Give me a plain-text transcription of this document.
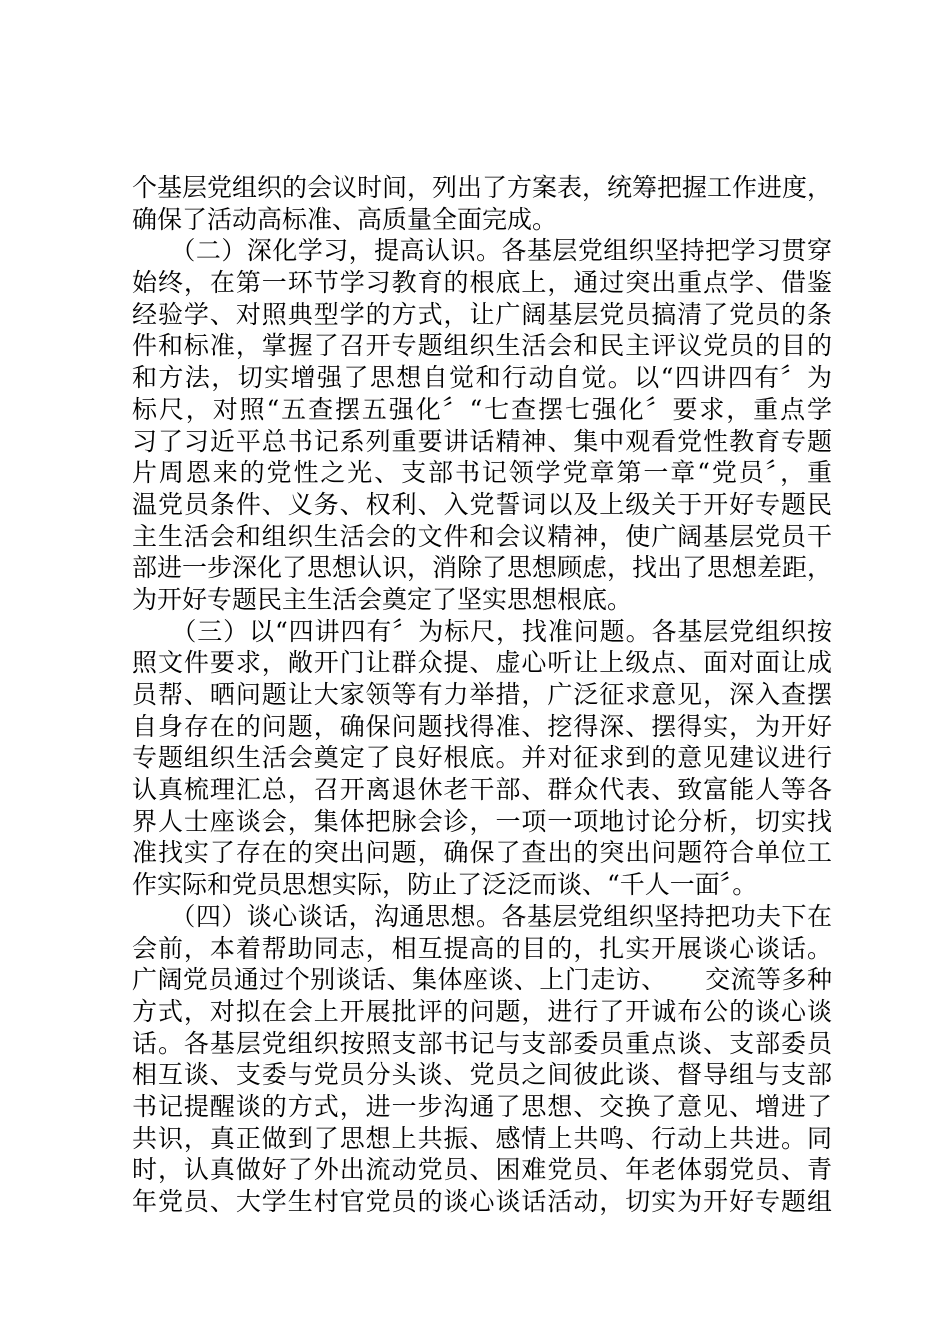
个基层党组织的会议时间，列出了方案表，统筹把握工作进度，
确保了活动高标准、高质量全面完成。
　　（二）深化学习，提高认识。各基层党组织坚持把学习贯穿
始终，在第一环节学习教育的根底上，通过突出重点学、借鉴
经验学、对照典型学的方式，让广阔基层党员搞清了党员的条
件和标准，掌握了召开专题组织生活会和民主评议党员的目的
和方法，切实增强了思想自觉和行动自觉。以“四讲四有〞为
标尺，对照“五查摆五强化〞“七查摆七强化〞要求，重点学
习了习近平总书记系列重要讲话精神、集中观看党性教育专题
片周恩来的党性之光、支部书记领学党章第一章“党员〞，重
温党员条件、义务、权利、入党誓词以及上级关于开好专题民
主生活会和组织生活会的文件和会议精神，使广阔基层党员干
部进一步深化了思想认识，消除了思想顾虑，找出了思想差距，
为开好专题民主生活会奠定了坚实思想根底。
　　（三）以“四讲四有〞为标尺，找准问题。各基层党组织按
照文件要求，敞开门让群众提、虚心听让上级点、面对面让成
员帮、晒问题让大家领等有力举措，广泛征求意见，深入查摆
自身存在的问题，确保问题找得准、挖得深、摆得实，为开好
专题组织生活会奠定了良好根底。并对征求到的意见建议进行
认真梳理汇总，召开离退休老干部、群众代表、致富能人等各
界人士座谈会，集体把脉会诊，一项一项地讨论分析，切实找
准找实了存在的突出问题，确保了查出的突出问题符合单位工
作实际和党员思想实际，防止了泛泛而谈、“千人一面〞。
　　（四）谈心谈话，沟通思想。各基层党组织坚持把功夫下在
会前，本着帮助同志，相互提高的目的，扎实开展谈心谈话。
广阔党员通过个别谈话、集体座谈、上门走访、　　交流等多种
方式，对拟在会上开展批评的问题，进行了开诚布公的谈心谈
话。各基层党组织按照支部书记与支部委员重点谈、支部委员
相互谈、支委与党员分头谈、党员之间彼此谈、督导组与支部
书记提醒谈的方式，进一步沟通了思想、交换了意见、增进了
共识，真正做到了思想上共振、感情上共鸣、行动上共进。同
时，认真做好了外出流动党员、困难党员、年老体弱党员、青
年党员、大学生村官党员的谈心谈话活动，切实为开好专题组
